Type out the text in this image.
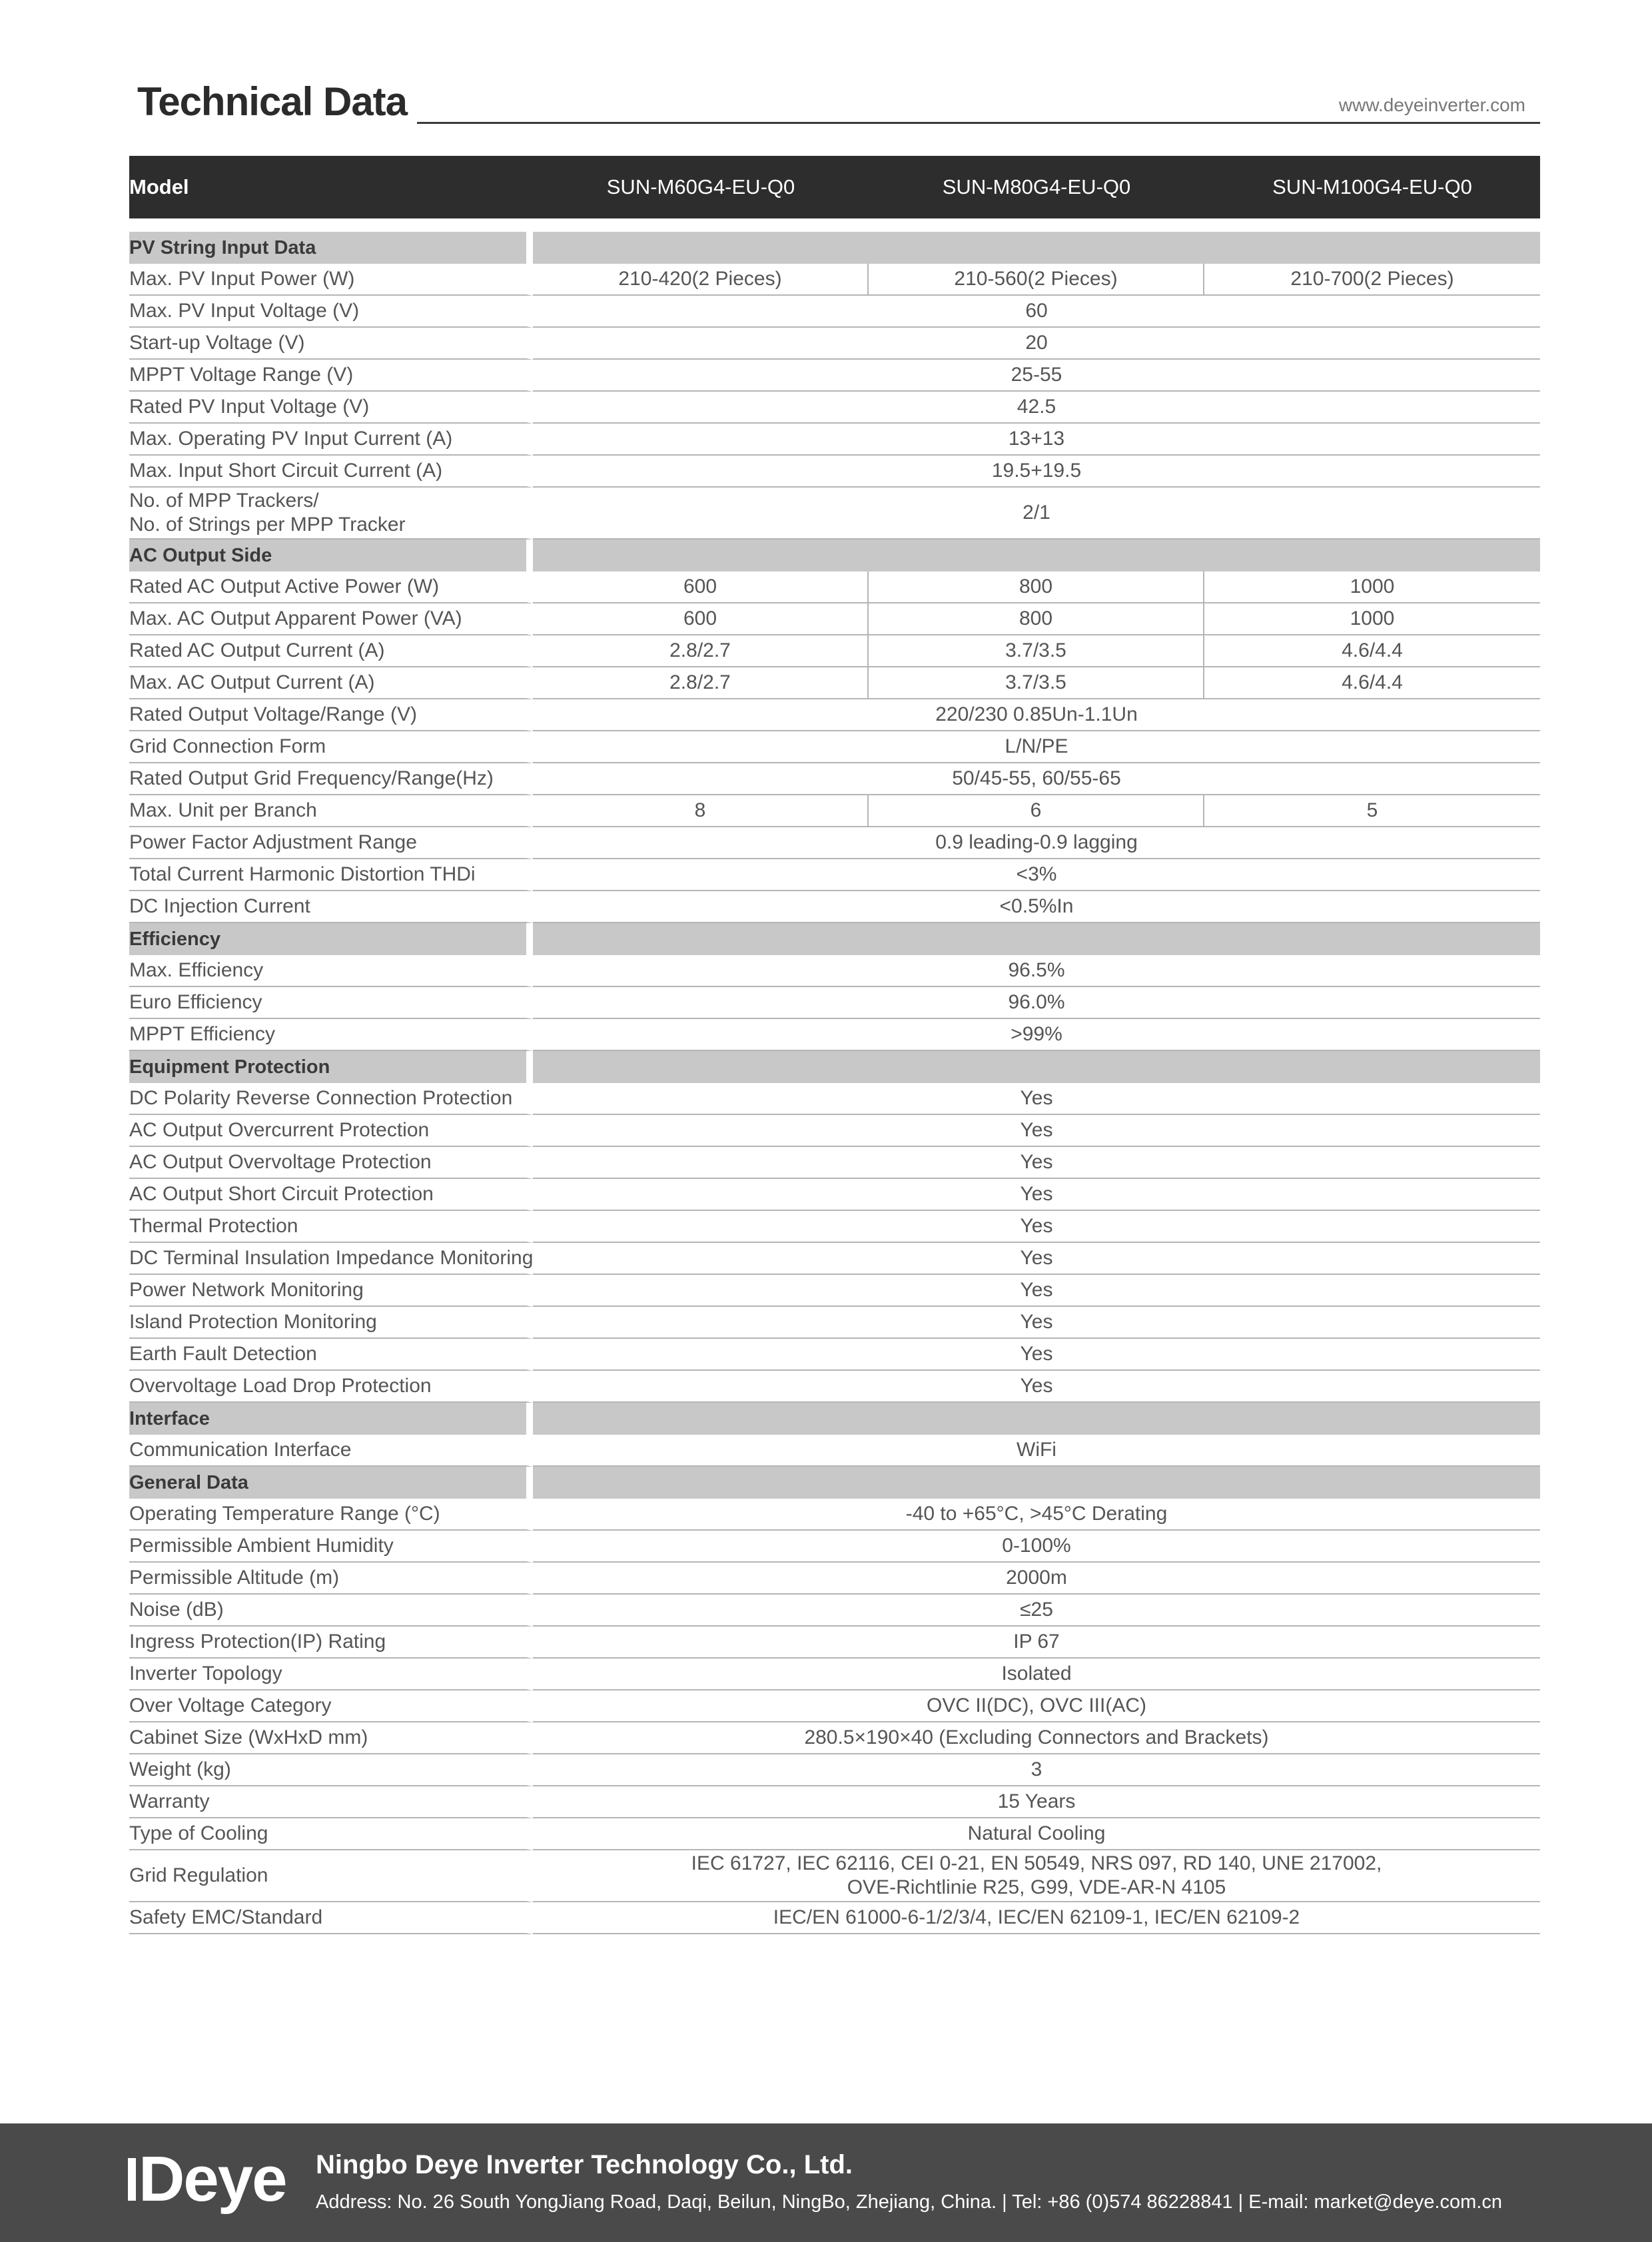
Technical Data	www.deyeinverter.com
Model	SUN-M60G4-EU-Q0	SUN-M80G4-EU-Q0	SUN-M100G4-EU-Q0

PV String Input Data			

Max. PV Input Power (W)	210-420(2 Pieces)	210-560(2 Pieces)	210-700(2 Pieces)

Max. PV Input Voltage (V)	60		

Start-up Voltage (V)	20		

MPPT Voltage Range (V)	25-55		

Rated PV Input Voltage (V)	42.5		

Max. Operating PV Input Current (A)	13+13		

Max. Input Short Circuit Current (A)	19.5+19.5		

No. of MPP Trackers/
No. of Strings per MPP Tracker	2/1		

AC Output Side			

Rated AC Output Active Power (W)	600	800	1000

Max. AC Output Apparent Power (VA)	600	800	1000

Rated AC Output Current (A)	2.8/2.7	3.7/3.5	4.6/4.4

Max. AC Output Current (A)	2.8/2.7	3.7/3.5	4.6/4.4

Rated Output Voltage/Range (V)	220/230 0.85Un-1.1Un		

Grid Connection Form	L/N/PE		

Rated Output Grid Frequency/Range(Hz)	50/45-55, 60/55-65		

Max. Unit per Branch	8	6	5

Power Factor Adjustment Range	0.9 leading-0.9 lagging		

Total Current Harmonic Distortion THDi	<3%		

DC Injection Current	<0.5%In		

Efficiency			

Max. Efficiency	96.5%		

Euro Efficiency	96.0%		

MPPT Efficiency	>99%		

Equipment Protection			

DC Polarity Reverse Connection Protection	Yes		

AC Output Overcurrent Protection	Yes		

AC Output Overvoltage Protection	Yes		

AC Output Short Circuit Protection	Yes		

Thermal Protection	Yes		

DC Terminal Insulation Impedance Monitoring	Yes		

Power Network Monitoring	Yes		

Island Protection Monitoring	Yes		

Earth Fault Detection	Yes		

Overvoltage Load Drop Protection	Yes		

Interface			

Communication Interface	WiFi		

General Data			

Operating Temperature Range (°C)	-40 to +65°C, >45°C Derating		

Permissible Ambient Humidity	0-100%		

Permissible Altitude (m)	2000m		

Noise (dB)	≤25		

Ingress Protection(IP) Rating	IP 67		

Inverter Topology	Isolated		

Over Voltage Category	OVC II(DC), OVC III(AC)		

Cabinet Size (WxHxD mm)	280.5×190×40 (Excluding Connectors and Brackets)		

Weight (kg)	3		

Warranty	15 Years		

Type of Cooling	Natural Cooling		

Grid Regulation	IEC 61727, IEC 62116, CEI 0-21, EN 50549, NRS 097, RD 140, UNE 217002,
OVE-Richtlinie R25, G99, VDE-AR-N 4105		

Safety EMC/Standard	IEC/EN 61000-6-1/2/3/4, IEC/EN 62109-1, IEC/EN 62109-2		
Deye Ningbo Deye Inverter Technology Co., Ltd.
Address: No. 26 South YongJiang Road, Daqi, Beilun, NingBo, Zhejiang, China. | Tel: +86 (0)574 86228841 | E-mail: market@deye.com.cn
